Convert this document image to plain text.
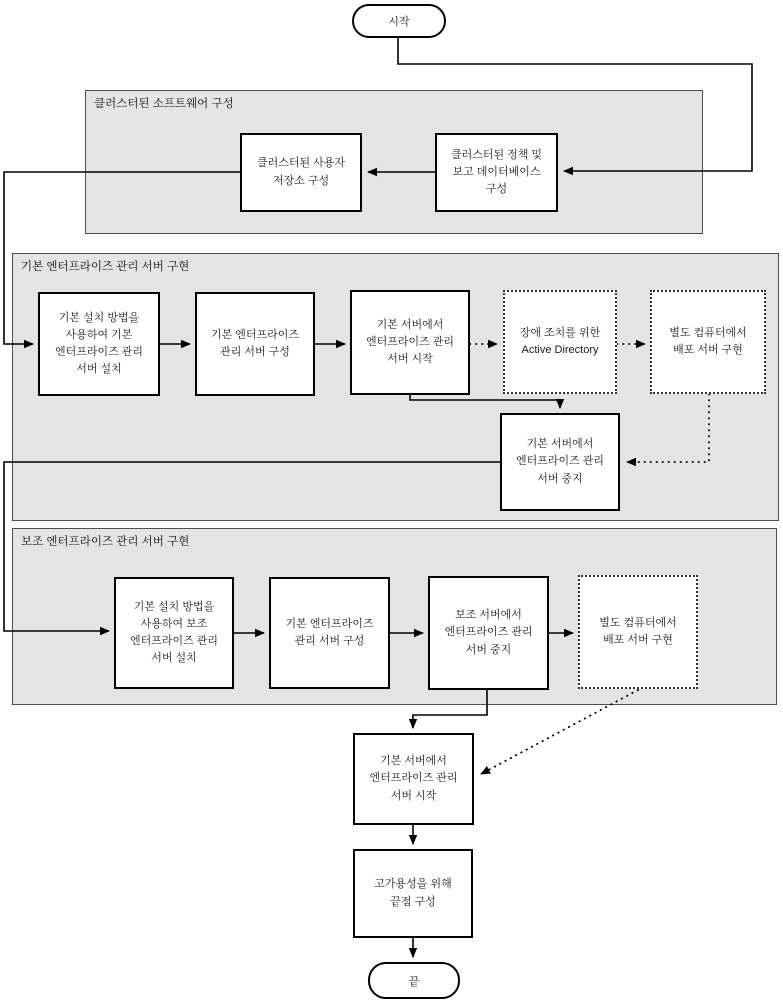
클러스터된 소프트웨어 구성
기본 엔터프라이즈 관리 서버 구현
보조 엔터프라이즈 관리 서버 구현
시작
끝
클러스터된 사용자 저장소 구성
클러스터된 정책 및 보고 데이터베이스 구성
기본 설치 방법을 사용하여 기본 엔터프라이즈 관리 서버 설치
기본 엔터프라이즈 관리 서버 구성
기본 서버에서 엔터프라이즈 관리 서버 시작
장애 조치를 위한 Active Directory
별도 컴퓨터에서 배포 서버 구현
기본 서버에서 엔터프라이즈 관리 서버 중지
기본 설치 방법을 사용하여 보조 엔터프라이즈 관리 서버 설치
기본 엔터프라이즈 관리 서버 구성
보조 서버에서 엔터프라이즈 관리 서버 중지
별도 컴퓨터에서 배포 서버 구현
기본 서버에서 엔터프라이즈 관리 서버 시작
고가용성을 위해 끝점 구성
